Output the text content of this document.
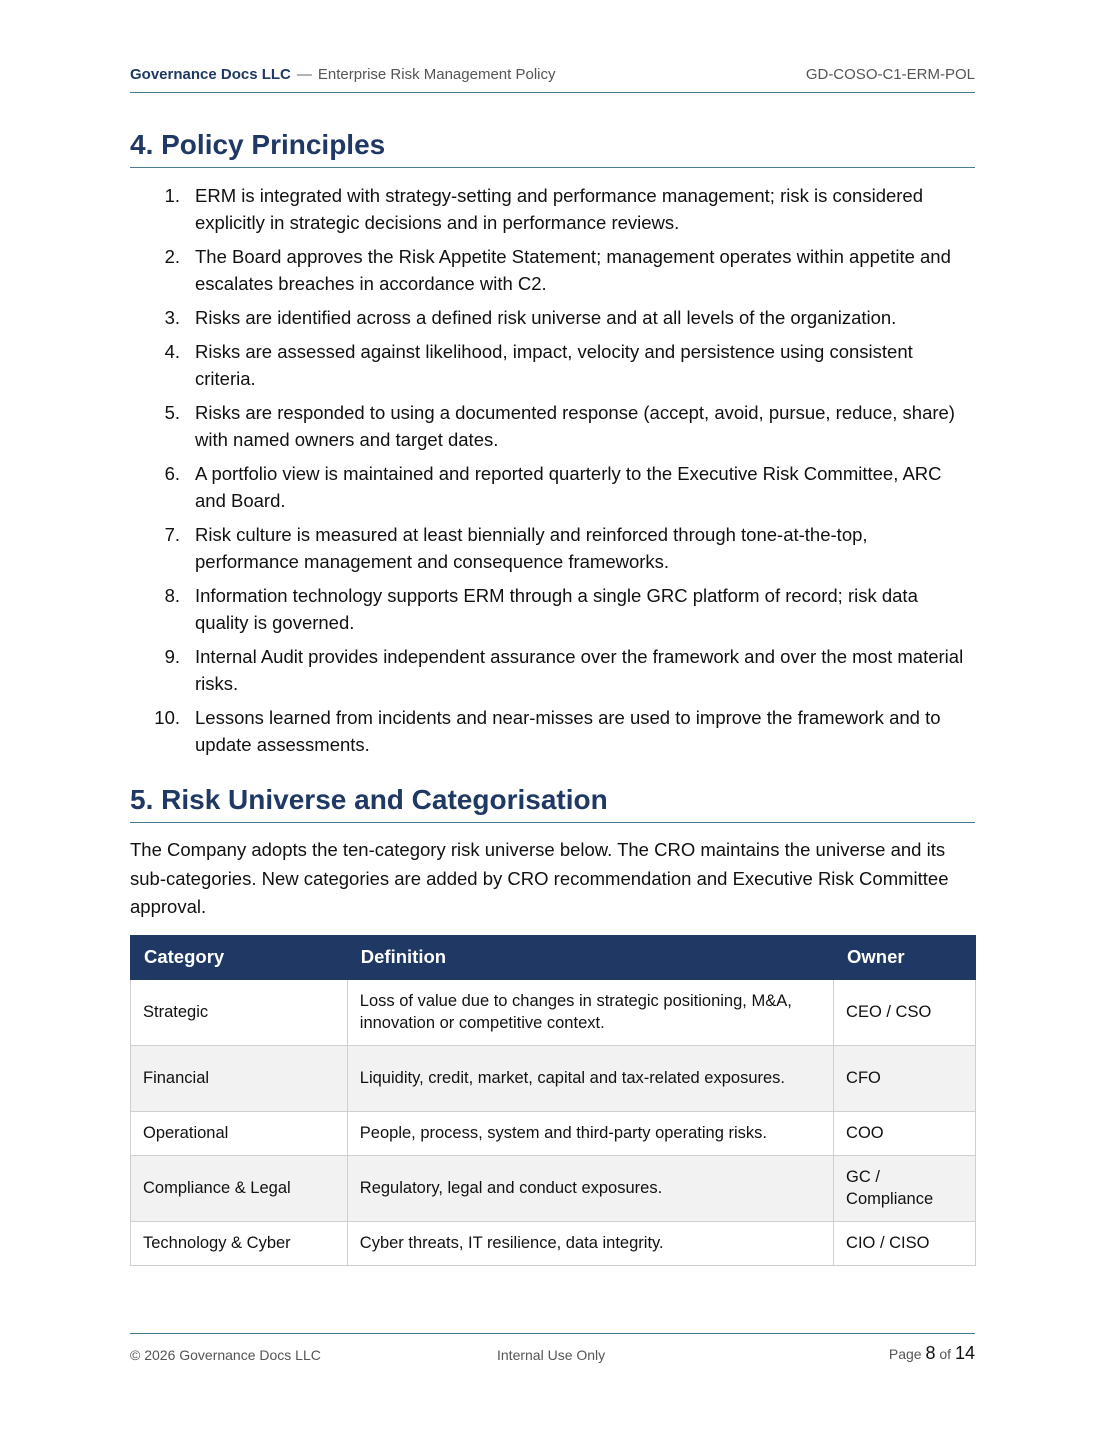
Governance Docs LLC — Enterprise Risk Management Policy	GD-COSO-C1-ERM-POL
4. Policy Principles
1. ERM is integrated with strategy-setting and performance management; risk is considered explicitly in strategic decisions and in performance reviews.
2. The Board approves the Risk Appetite Statement; management operates within appetite and escalates breaches in accordance with C2.
3. Risks are identified across a defined risk universe and at all levels of the organization.
4. Risks are assessed against likelihood, impact, velocity and persistence using consistent criteria.
5. Risks are responded to using a documented response (accept, avoid, pursue, reduce, share) with named owners and target dates.
6. A portfolio view is maintained and reported quarterly to the Executive Risk Committee, ARC and Board.
7. Risk culture is measured at least biennially and reinforced through tone-at-the-top, performance management and consequence frameworks.
8. Information technology supports ERM through a single GRC platform of record; risk data quality is governed.
9. Internal Audit provides independent assurance over the framework and over the most material risks.
10. Lessons learned from incidents and near-misses are used to improve the framework and to update assessments.
5. Risk Universe and Categorisation

The Company adopts the ten-category risk universe below. The CRO maintains the universe and its sub-categories. New categories are added by CRO recommendation and Executive Risk Committee approval.

Category	Definition	Owner
Strategic	Loss of value due to changes in strategic positioning, M&A, innovation or competitive context.	CEO / CSO
Financial	Liquidity, credit, market, capital and tax-related exposures.	CFO
Operational	People, process, system and third-party operating risks.	COO
Compliance & Legal	Regulatory, legal and conduct exposures.	GC / Compliance
Technology & Cyber	Cyber threats, IT resilience, data integrity.	CIO / CISO
© 2026 Governance Docs LLC	Internal Use Only	Page 8 of 14
